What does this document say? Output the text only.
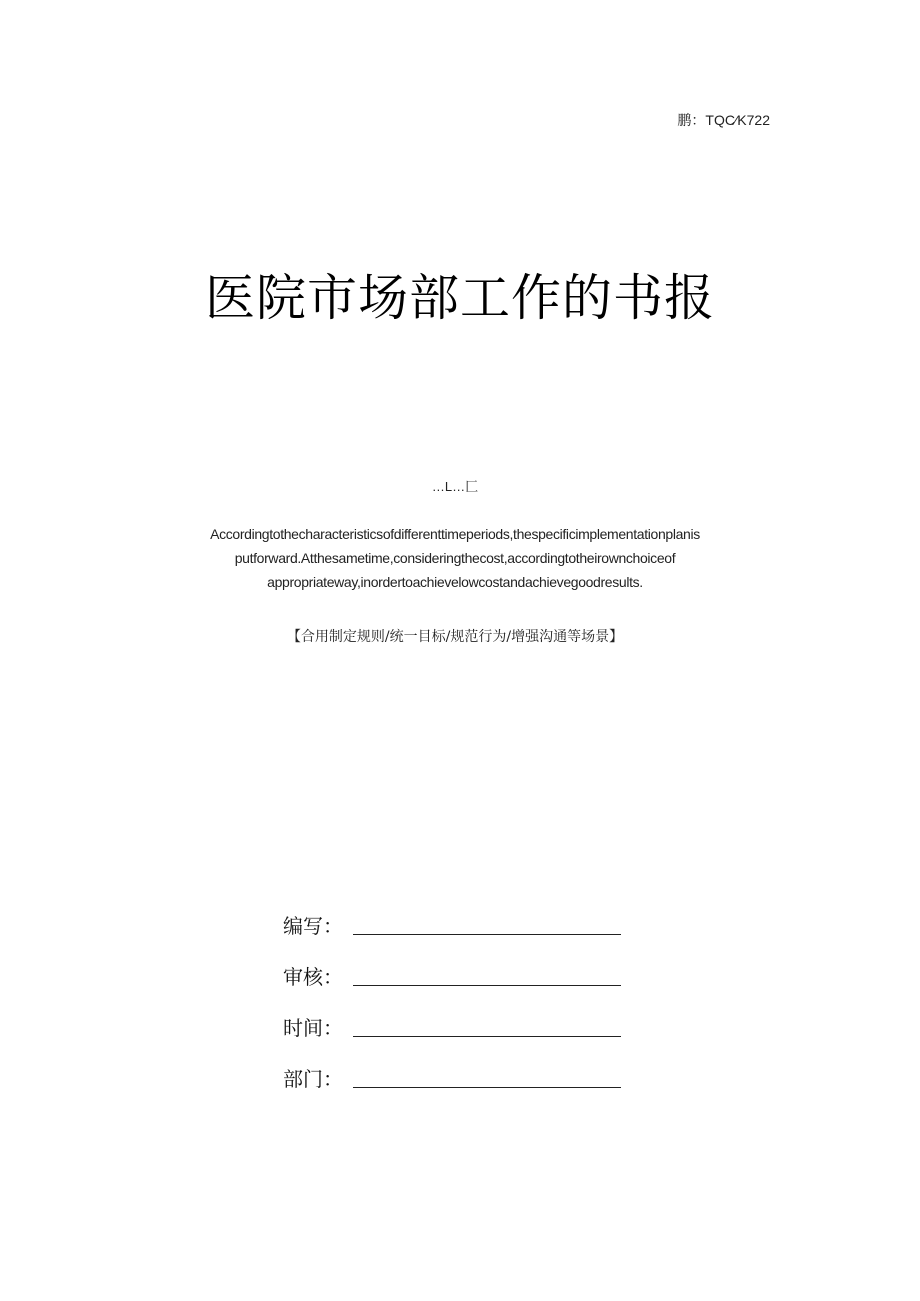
鹏：TQC⁄K722
医院市场部工作的书报
…L…匚
Accordingtothecharacteristicsofdifferenttimeperiods,thespecificimplementationplanis
putforward.Atthesametime,consideringthecost,accordingtotheirownchoiceof
appropriateway,inordertoachievelowcostandachievegoodresults.
【合用制定规则/统一目标/规范行为/增强沟通等场景】
编写：
审核：
时间：
部门：
